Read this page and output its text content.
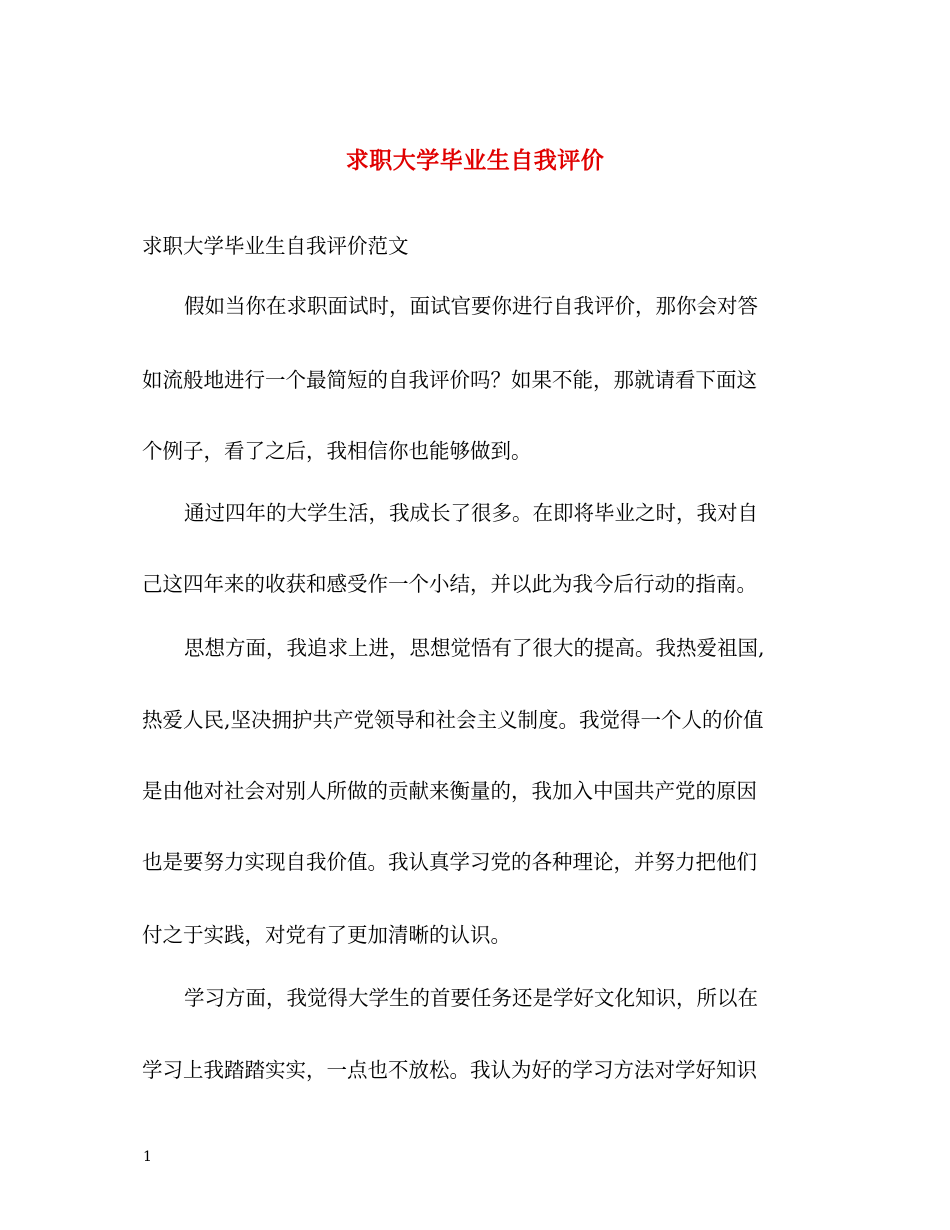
求职大学毕业生自我评价
求职大学毕业生自我评价范文
假如当你在求职面试时，面试官要你进行自我评价，那你会对答
如流般地进行一个最简短的自我评价吗？如果不能，那就请看下面这
个例子，看了之后，我相信你也能够做到。
通过四年的大学生活，我成长了很多。在即将毕业之时，我对自
己这四年来的收获和感受作一个小结，并以此为我今后行动的指南。
思想方面，我追求上进，思想觉悟有了很大的提高。我热爱祖国,
热爱人民,坚决拥护共产党领导和社会主义制度。我觉得一个人的价值
是由他对社会对别人所做的贡献来衡量的，我加入中国共产党的原因
也是要努力实现自我价值。我认真学习党的各种理论，并努力把他们
付之于实践，对党有了更加清晰的认识。
学习方面，我觉得大学生的首要任务还是学好文化知识，所以在
学习上我踏踏实实，一点也不放松。我认为好的学习方法对学好知识
1
